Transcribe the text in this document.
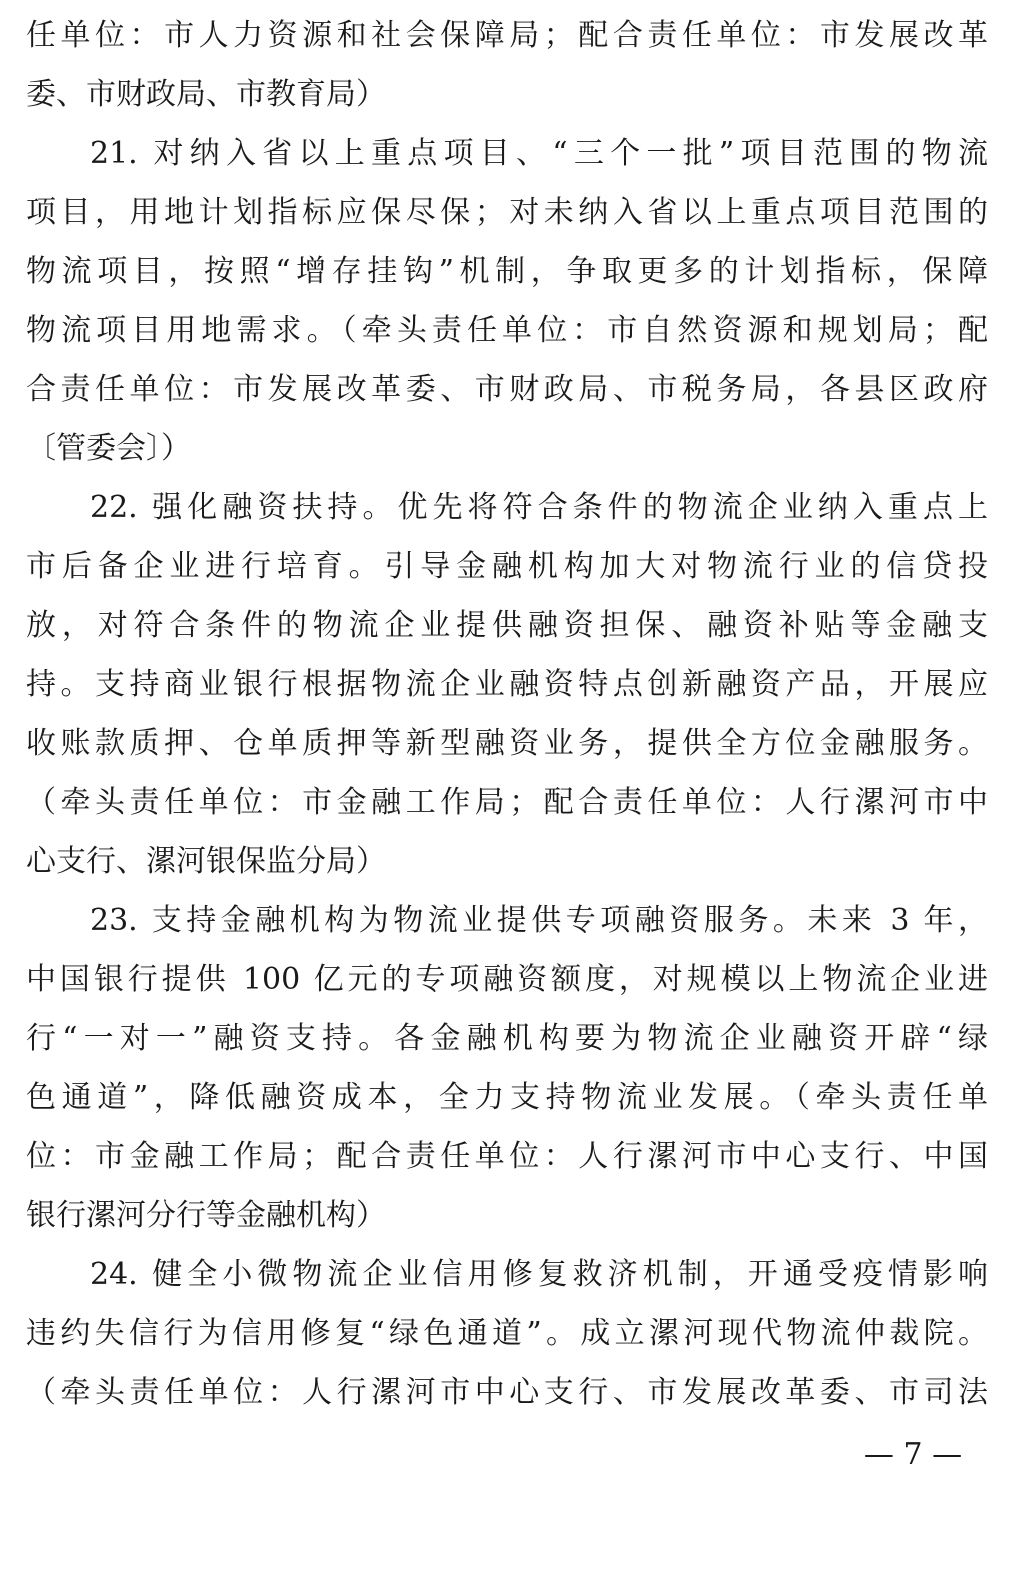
任单位：市人力资源和社会保障局；配合责任单位：市发展改革
委、市财政局、市教育局）
21. 对纳入省以上重点项目、“三个一批”项目范围的物流
项目，用地计划指标应保尽保；对未纳入省以上重点项目范围的
物流项目，按照“增存挂钩”机制，争取更多的计划指标，保障
物流项目用地需求。（牵头责任单位：市自然资源和规划局；配
合责任单位：市发展改革委、市财政局、市税务局，各县区政府
〔管委会〕）
22. 强化融资扶持。优先将符合条件的物流企业纳入重点上
市后备企业进行培育。引导金融机构加大对物流行业的信贷投
放，对符合条件的物流企业提供融资担保、融资补贴等金融支
持。支持商业银行根据物流企业融资特点创新融资产品，开展应
收账款质押、仓单质押等新型融资业务，提供全方位金融服务。
（牵头责任单位：市金融工作局；配合责任单位：人行漯河市中
心支行、漯河银保监分局）
23. 支持金融机构为物流业提供专项融资服务。未来 3 年，
中国银行提供 100 亿元的专项融资额度，对规模以上物流企业进
行“一对一”融资支持。各金融机构要为物流企业融资开辟“绿
色通道”，降低融资成本，全力支持物流业发展。（牵头责任单
位：市金融工作局；配合责任单位：人行漯河市中心支行、中国
银行漯河分行等金融机构）
24. 健全小微物流企业信用修复救济机制，开通受疫情影响
违约失信行为信用修复“绿色通道”。成立漯河现代物流仲裁院。
（牵头责任单位：人行漯河市中心支行、市发展改革委、市司法
— 7 —
